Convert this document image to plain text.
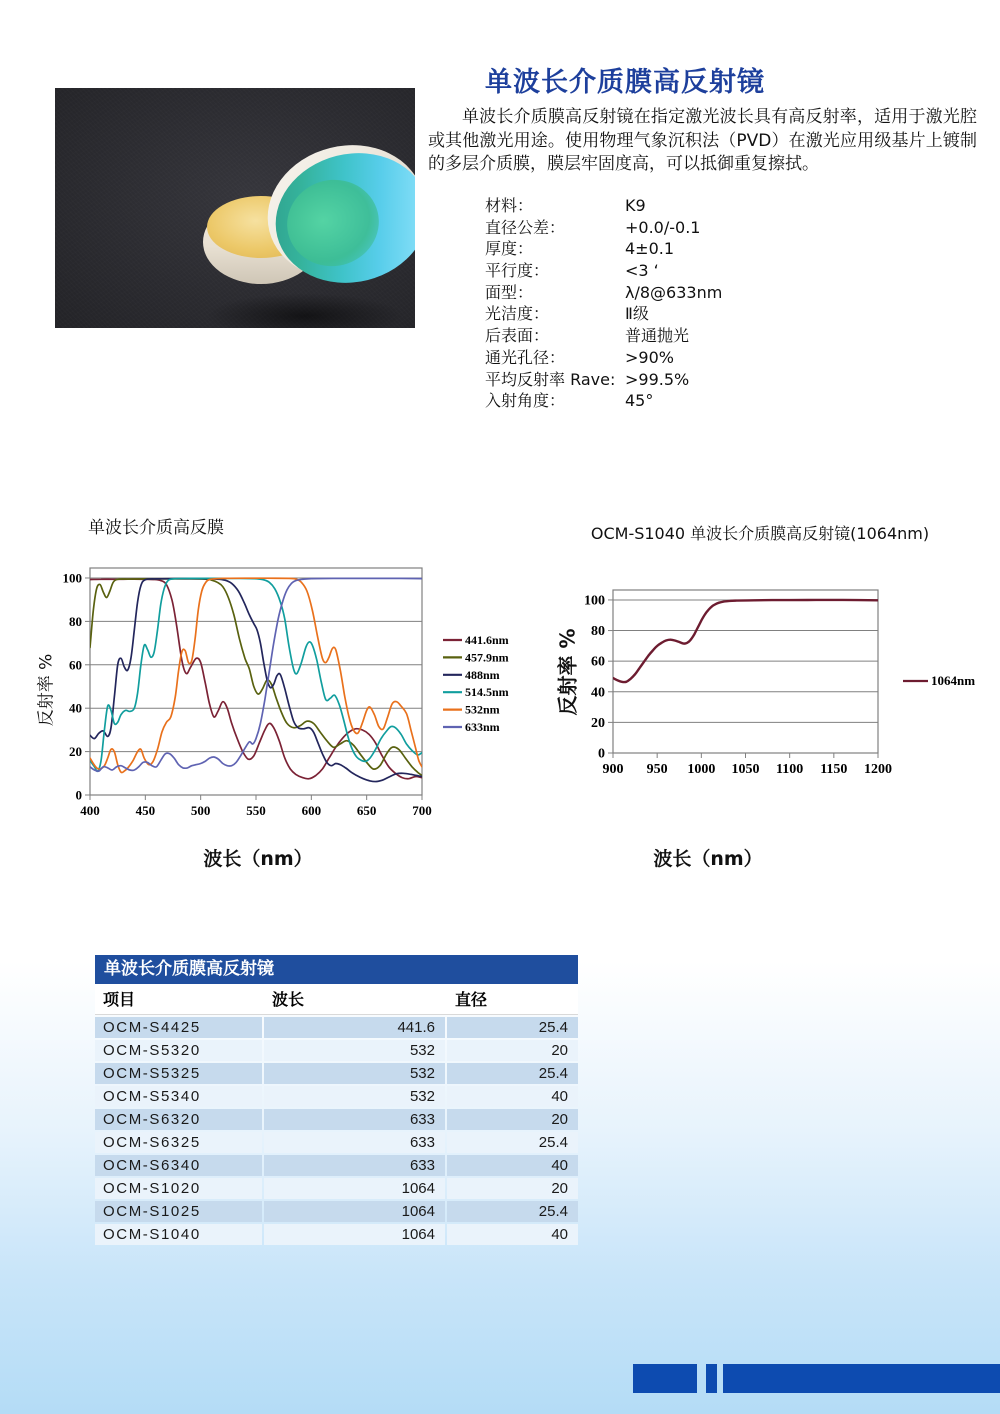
单波长介质膜高反射镜
单波长介质膜高反射镜在指定激光波长具有高反射率，适用于激光腔或其他激光用途。使用物理气象沉积法（PVD）在激光应用级基片上镀制的多层介质膜，膜层牢固度高，可以抵御重复擦拭。
材料：	K9
直径公差：	+0.0/-0.1
厚度：	4±0.1
平行度：	<3 ‘
面型：	λ/8@633nm
光洁度：	Ⅱ级
后表面：	普通抛光
通光孔径：	>90%
平均反射率 Rave: >99.5%
入射角度：	45°
单波长介质高反膜
反射率 %
0
20
40
60
80
100
400	450	500	550	600	650	700
441.6nm
457.9nm
488nm
514.5nm
532nm
633nm
波长（nm）
OCM-S1040 单波长介质膜高反射镜(1064nm)
反射率 %
0
20
40
60
80
100
900 950 1000 1050 1100 1150 1200
1064nm
波长（nm）
单波长介质膜高反射镜
项目	波长	直径
OCM-S4425	441.6	25.4
OCM-S5320	532	20
OCM-S5325	532	25.4
OCM-S5340	532	40
OCM-S6320	633	20
OCM-S6325	633	25.4
OCM-S6340	633	40
OCM-S1020	1064	20
OCM-S1025	1064	25.4
OCM-S1040	1064	40
